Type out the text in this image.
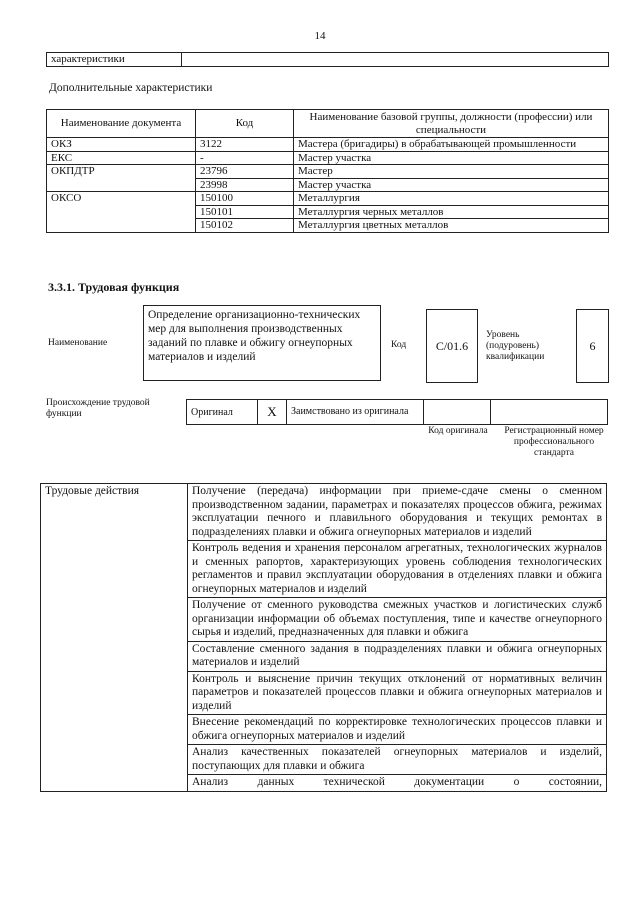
14
характеристики	
Дополнительные характеристики
Наименование документа	Код	Наименование базовой группы, должности (профессии) или специальности
ОКЗ	3122	Мастера (бригадиры) в обрабатывающей промышленности
ЕКС	-	Мастер участка
ОКПДТР	23796	Мастер
	23998	Мастер участка
ОКСО	150100	Металлургия
	150101	Металлургия черных металлов
	150102	Металлургия цветных металлов
3.3.1. Трудовая функция
Наименование
Определение организационно-технических мер для выполнения производственных заданий по плавке и обжигу огнеупорных материалов и изделий
Код	С/01.6
Уровень (подуровень) квалификации
6
Происхождение трудовой функции	Оригинал	X	Заимствовано из оригинала		
Код оригинала	Регистрационный номер профессионального стандарта
Трудовые действия	Получение (передача) информации при приеме-сдаче смены о сменном производственном задании, параметрах и показателях процессов обжига, режимах эксплуатации печного и плавильного оборудования и текущих ремонтах в подразделениях плавки и обжига огнеупорных материалов и изделий
Контроль ведения и хранения персоналом агрегатных, технологических журналов и сменных рапортов, характеризующих уровень соблюдения технологических регламентов и правил эксплуатации оборудования в отделениях плавки и обжига огнеупорных материалов и изделий
Получение от сменного руководства смежных участков и логистических служб организации информации об объемах поступления, типе и качестве огнеупорного сырья и изделий, предназначенных для плавки и обжига
Составление сменного задания в подразделениях плавки и обжига огнеупорных материалов и изделий
Контроль и выяснение причин текущих отклонений от нормативных величин параметров и показателей процессов плавки и обжига огнеупорных материалов и изделий
Внесение рекомендаций по корректировке технологических процессов плавки и обжига огнеупорных материалов и изделий
Анализ качественных показателей огнеупорных материалов и изделий, поступающих для плавки и обжига
Анализ данных технической документации о состоянии,
